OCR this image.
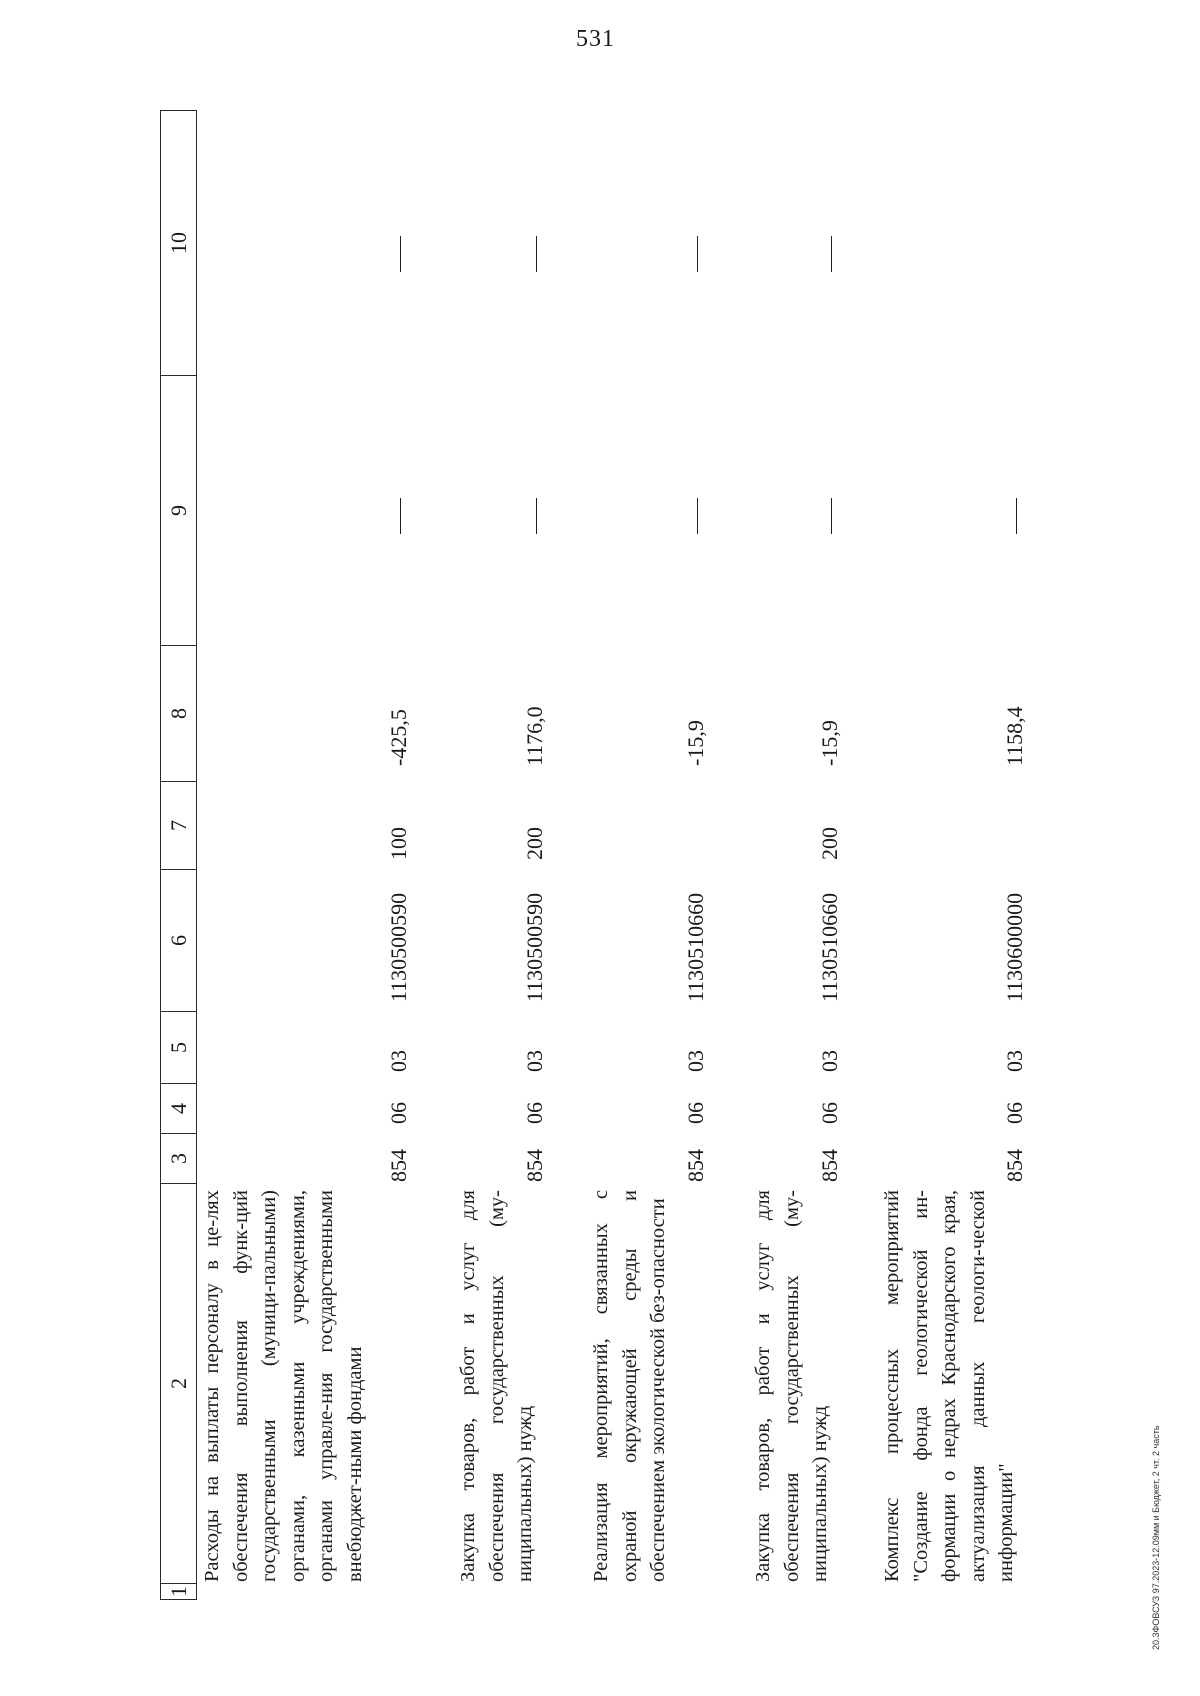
531
1
2
3
4
5
6
7
8
9
10
Расходы на выплаты персоналу в це-лях обеспечения выполнения функ-ций государственными (муници-пальными) органами, казенными учреждениями, органами управле-ния государственными внебюджет-ными фондами
854
06
03
1130500590
100
-425,5
Закупка товаров, работ и услуг для обеспечения государственных (му-ниципальных) нужд
854
06
03
1130500590
200
1176,0
Реализация мероприятий, связанных с охраной окружающей среды и обеспечением экологической без-опасности
854
06
03
1130510660
-15,9
Закупка товаров, работ и услуг для обеспечения государственных (му-ниципальных) нужд
854
06
03
1130510660
200
-15,9
Комплекс процессных мероприятий "Создание фонда геологической ин-формации о недрах Краснодарского края, актуализация данных геологи-ческой информации"
854
06
03
1130600000
1158,4
20.3ФОВСУЗ 97.2023-12.09мм и Бюджет, 2 чт. 2 часть
